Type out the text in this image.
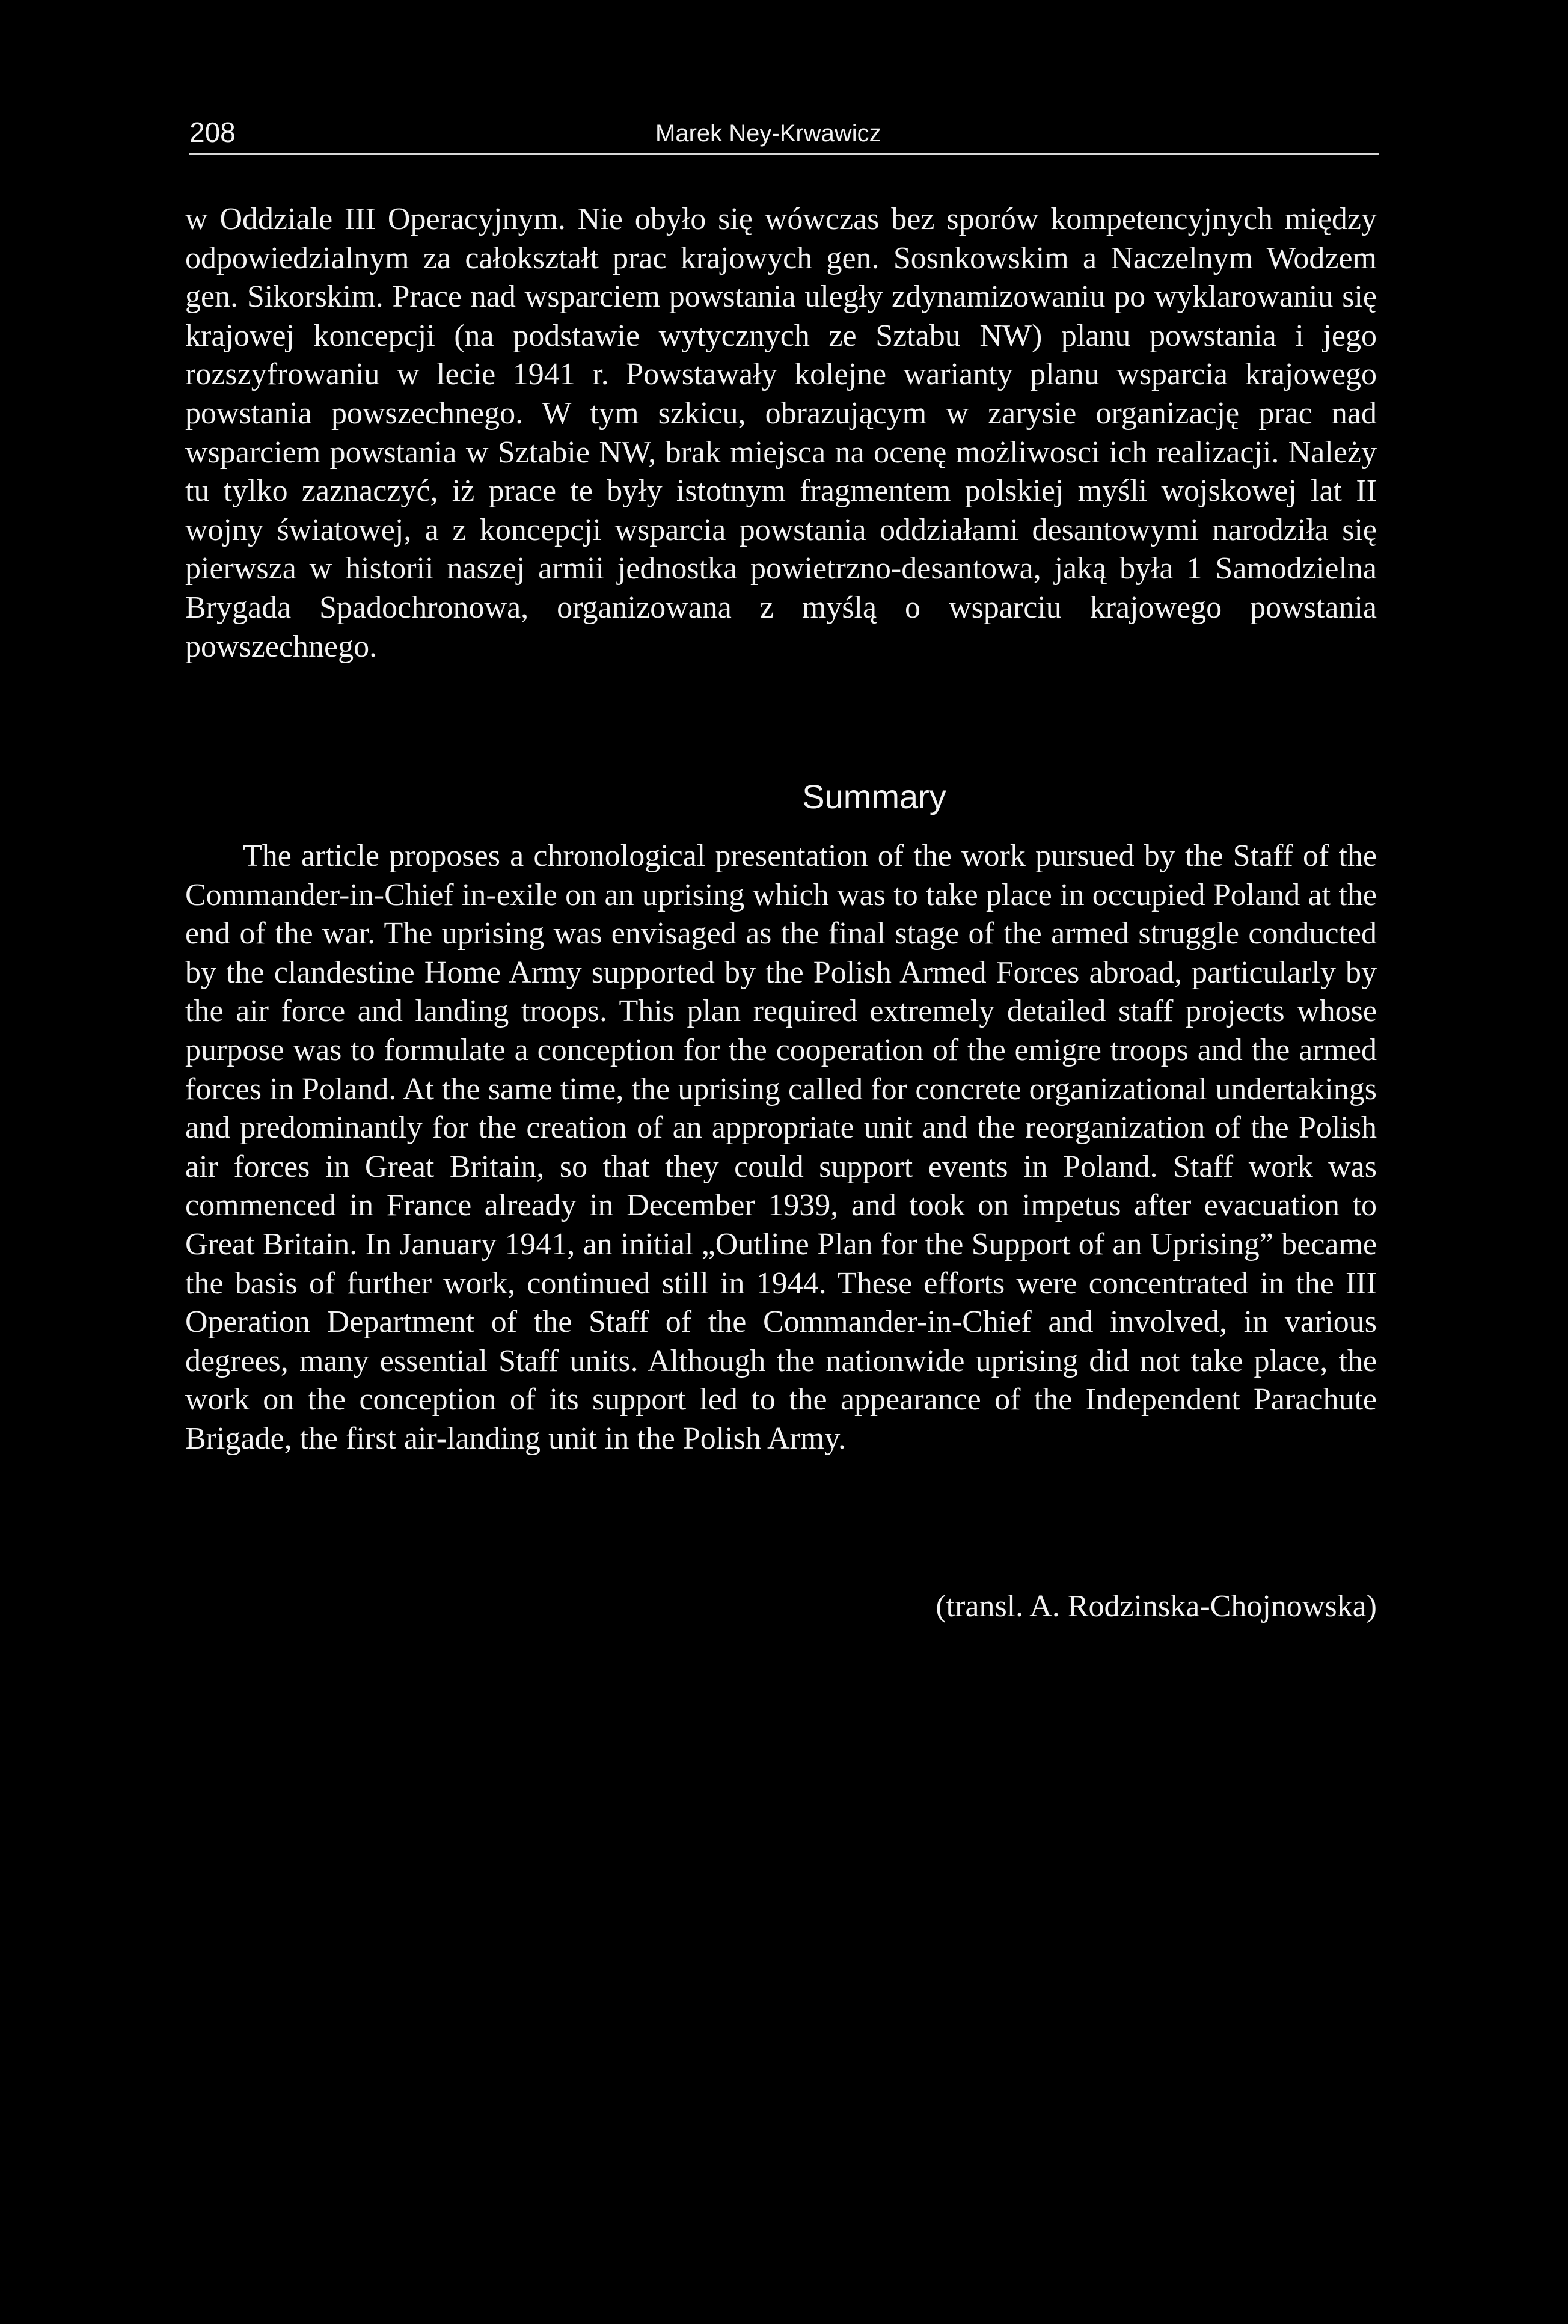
208	Marek Ney-Krwawicz

w Oddziale III Operacyjnym. Nie obyło się wówczas bez sporów kompetencyjnych między odpowiedzialnym za całokształt prac krajowych gen. Sosnkowskim a Naczelnym Wodzem gen. Sikorskim. Prace nad wsparciem powstania uległy zdynamizowaniu po wyklarowaniu się krajowej koncepcji (na podstawie wytycznych ze Sztabu NW) planu powstania i jego rozszyfrowaniu w lecie 1941 r. Powstawały kolejne warianty planu wsparcia krajowego powstania powszechnego. W tym szkicu, obrazującym w zarysie organizację prac nad wsparciem powstania w Sztabie NW, brak miejsca na ocenę możliwosci ich realizacji. Należy tu tylko zaznaczyć, iż prace te były istotnym fragmentem polskiej myśli wojskowej lat II wojny światowej, a z koncepcji wsparcia powstania oddziałami desantowymi narodziła się pierwsza w historii naszej armii jednostka powietrzno-desantowa, jaką była 1 Samodzielna Brygada Spadochronowa, organizowana z myślą o wsparciu krajowego powstania powszechnego.

Summary

The article proposes a chronological presentation of the work pursued by the Staff of the Commander-in-Chief in-exile on an uprising which was to take place in occupied Poland at the end of the war. The uprising was envisaged as the final stage of the armed struggle conducted by the clandestine Home Army supported by the Polish Armed Forces abroad, particularly by the air force and landing troops. This plan required extremely detailed staff projects whose purpose was to formulate a conception for the cooperation of the emigre troops and the armed forces in Poland. At the same time, the uprising called for concrete organizational undertakings and predominantly for the creation of an appropriate unit and the reorganization of the Polish air forces in Great Britain, so that they could support events in Poland. Staff work was commenced in France already in December 1939, and took on impetus after evacuation to Great Britain. In January 1941, an initial „Outline Plan for the Support of an Uprising” became the basis of further work, continued still in 1944. These efforts were concentrated in the III Operation Department of the Staff of the Commander-in-Chief and involved, in various degrees, many essential Staff units. Although the nationwide uprising did not take place, the work on the conception of its support led to the appearance of the Independent Parachute Brigade, the first air-landing unit in the Polish Army.

(transl. A. Rodzinska-Chojnowska)
